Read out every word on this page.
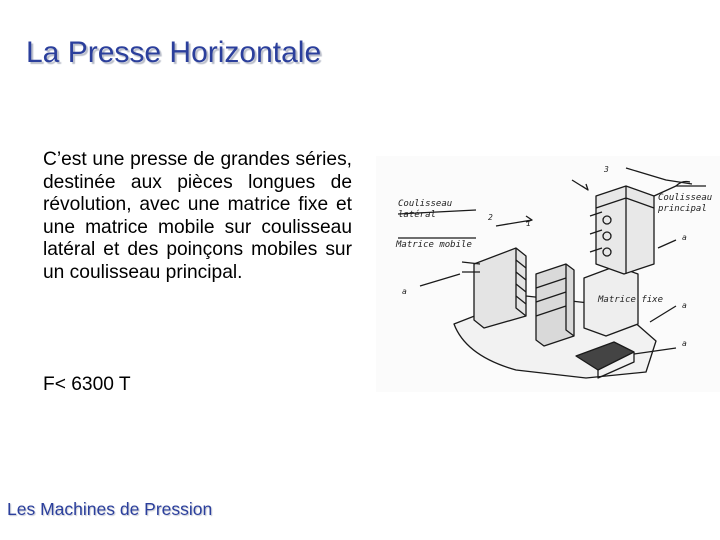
La Presse Horizontale

C’est une presse de grandes séries, destinée aux pièces longues de révolution, avec une matrice fixe et une matrice mobile sur coulisseau latéral et des poinçons mobiles sur un coulisseau principal.

F< 6300 T
Les Machines de Pression
Coulisseau
latéral
Matrice mobile
Coulisseau
principal
Matrice fixe
a
a
a
a
1
2
3
